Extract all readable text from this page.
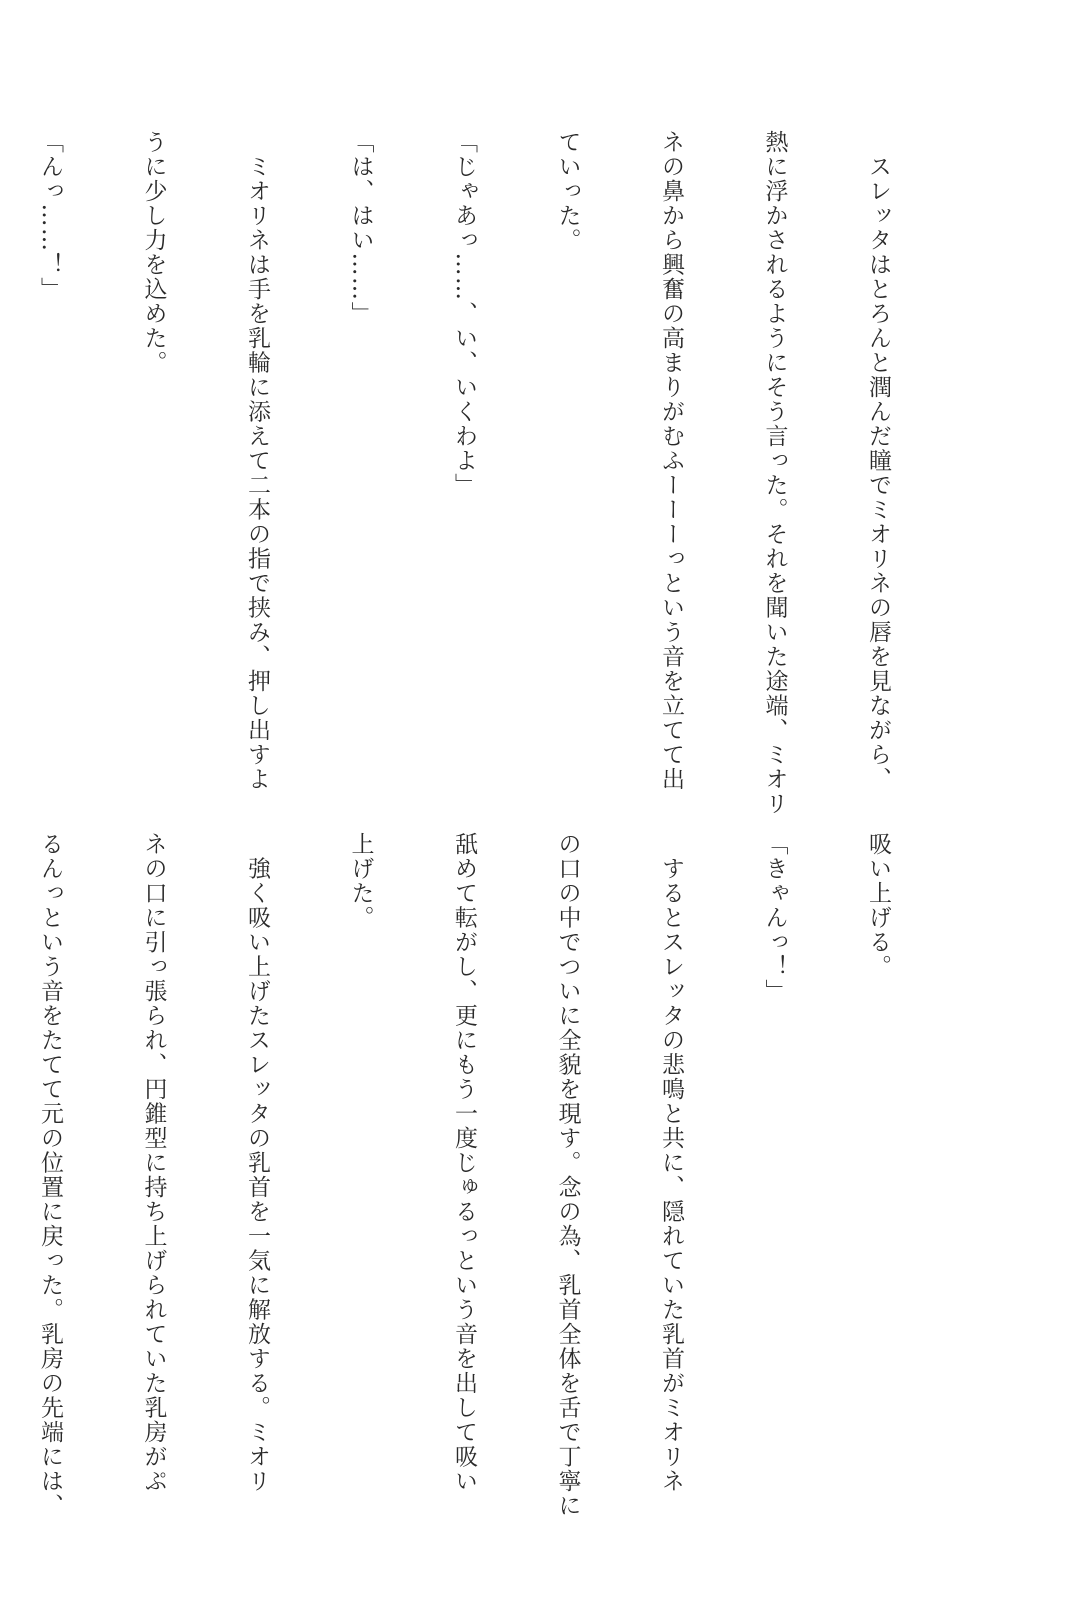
　スレッタはとろんと潤んだ瞳でミオリネの唇を見ながら、

熱に浮かされるようにそう言った。それを聞いた途端、ミオリ

ネの鼻から興奮の高まりがむふーーーっという音を立てて出

ていった。

「じゃあっ……、い、いくわよ」

「は、はい……」

　ミオリネは手を乳輪に添えて二本の指で挟み、押し出すよ

うに少し力を込めた。

「んっ……！」

吸い上げる。

「きゃんっ！」

　するとスレッタの悲鳴と共に、隠れていた乳首がミオリネ

の口の中でついに全貌を現す。念の為、乳首全体を舌で丁寧に

舐めて転がし、更にもう一度じゅるっという音を出して吸い

上げた。

　強く吸い上げたスレッタの乳首を一気に解放する。ミオリ

ネの口に引っ張られ、円錐型に持ち上げられていた乳房がぷ

るんっという音をたてて元の位置に戻った。乳房の先端には、
